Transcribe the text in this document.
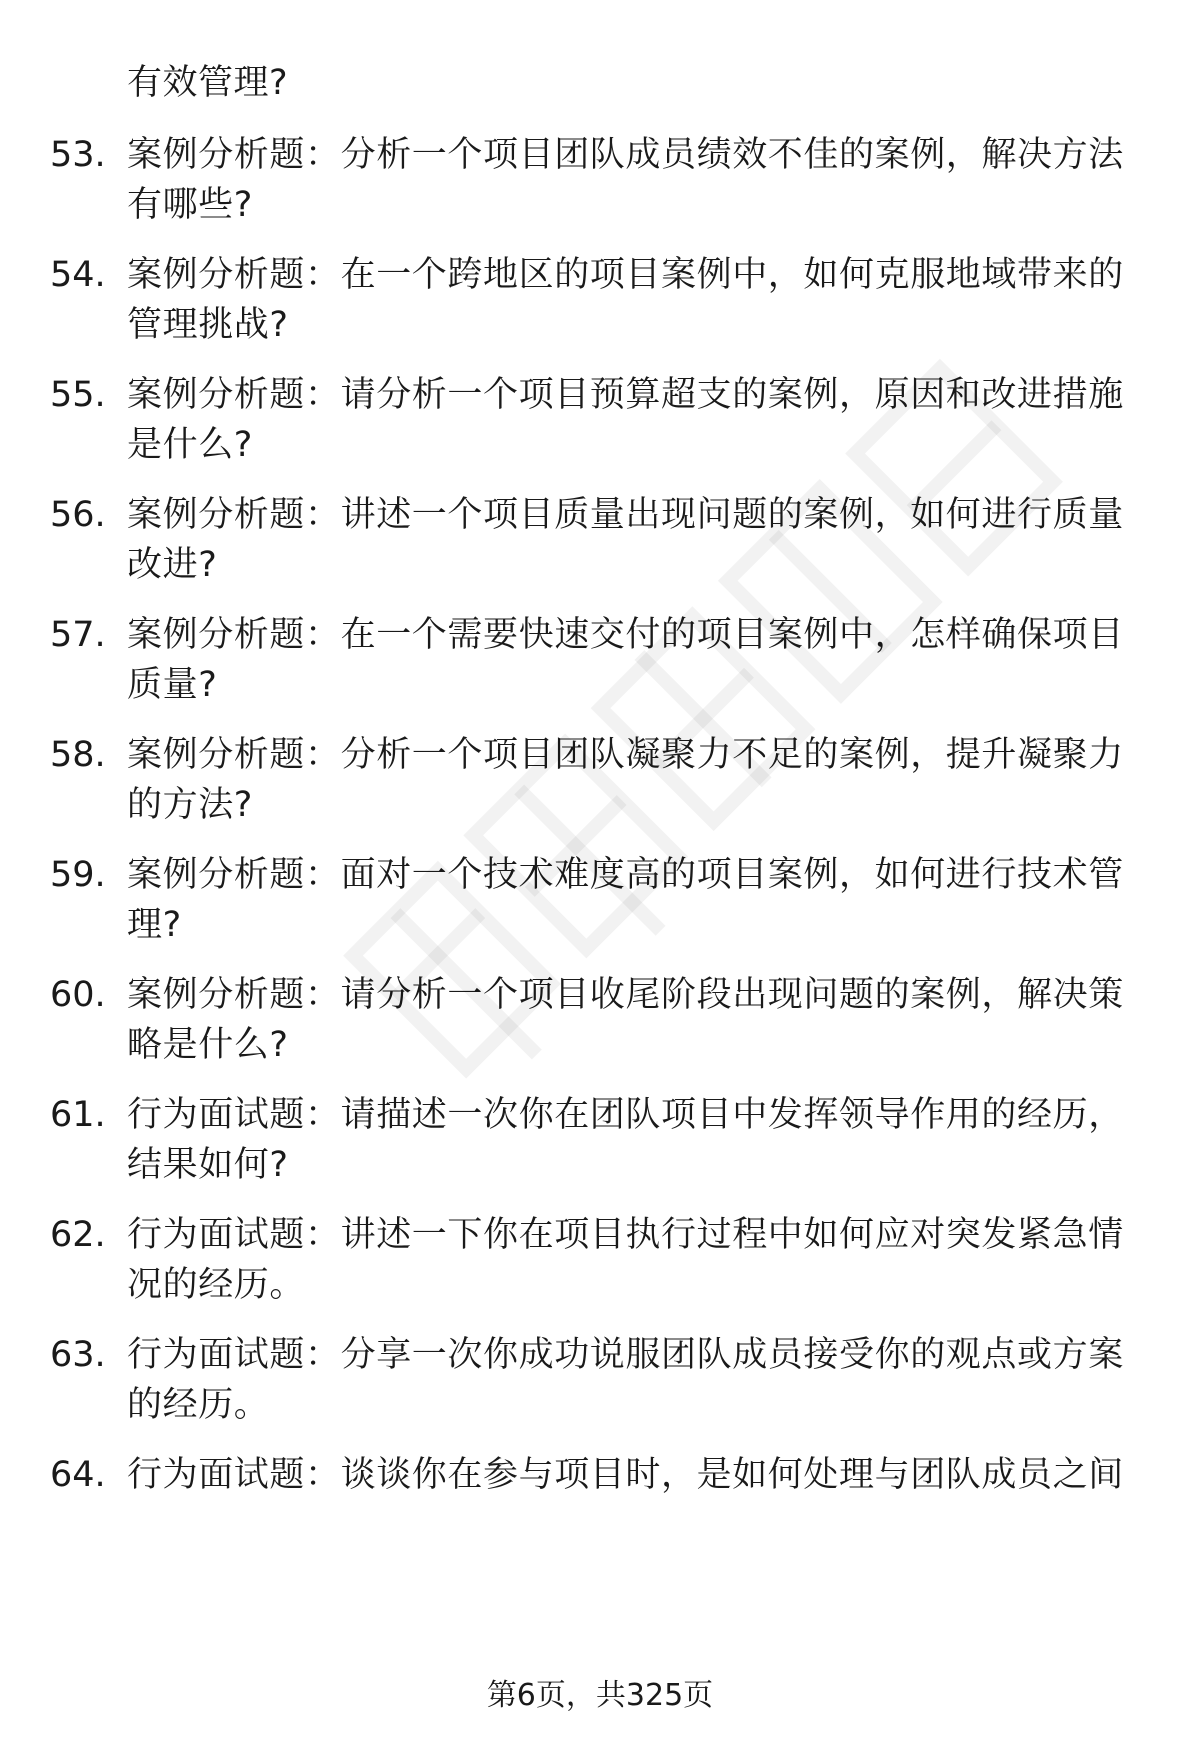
有效管理?
53. 案例分析题：分析一个项目团队成员绩效不佳的案例，解决方法
有哪些?
54. 案例分析题：在一个跨地区的项目案例中，如何克服地域带来的
管理挑战?
55. 案例分析题：请分析一个项目预算超支的案例，原因和改进措施
是什么?
56. 案例分析题：讲述一个项目质量出现问题的案例，如何进行质量
改进?
57. 案例分析题：在一个需要快速交付的项目案例中，怎样确保项目
质量?
58. 案例分析题：分析一个项目团队凝聚力不足的案例，提升凝聚力
的方法?
59. 案例分析题：面对一个技术难度高的项目案例，如何进行技术管
理?
60. 案例分析题：请分析一个项目收尾阶段出现问题的案例，解决策
略是什么?
61. 行为面试题：请描述一次你在团队项目中发挥领导作用的经历，
结果如何?
62. 行为面试题：讲述一下你在项目执行过程中如何应对突发紧急情
况的经历。
63. 行为面试题：分享一次你成功说服团队成员接受你的观点或方案
的经历。
64. 行为面试题：谈谈你在参与项目时，是如何处理与团队成员之间
第6页，共325页
